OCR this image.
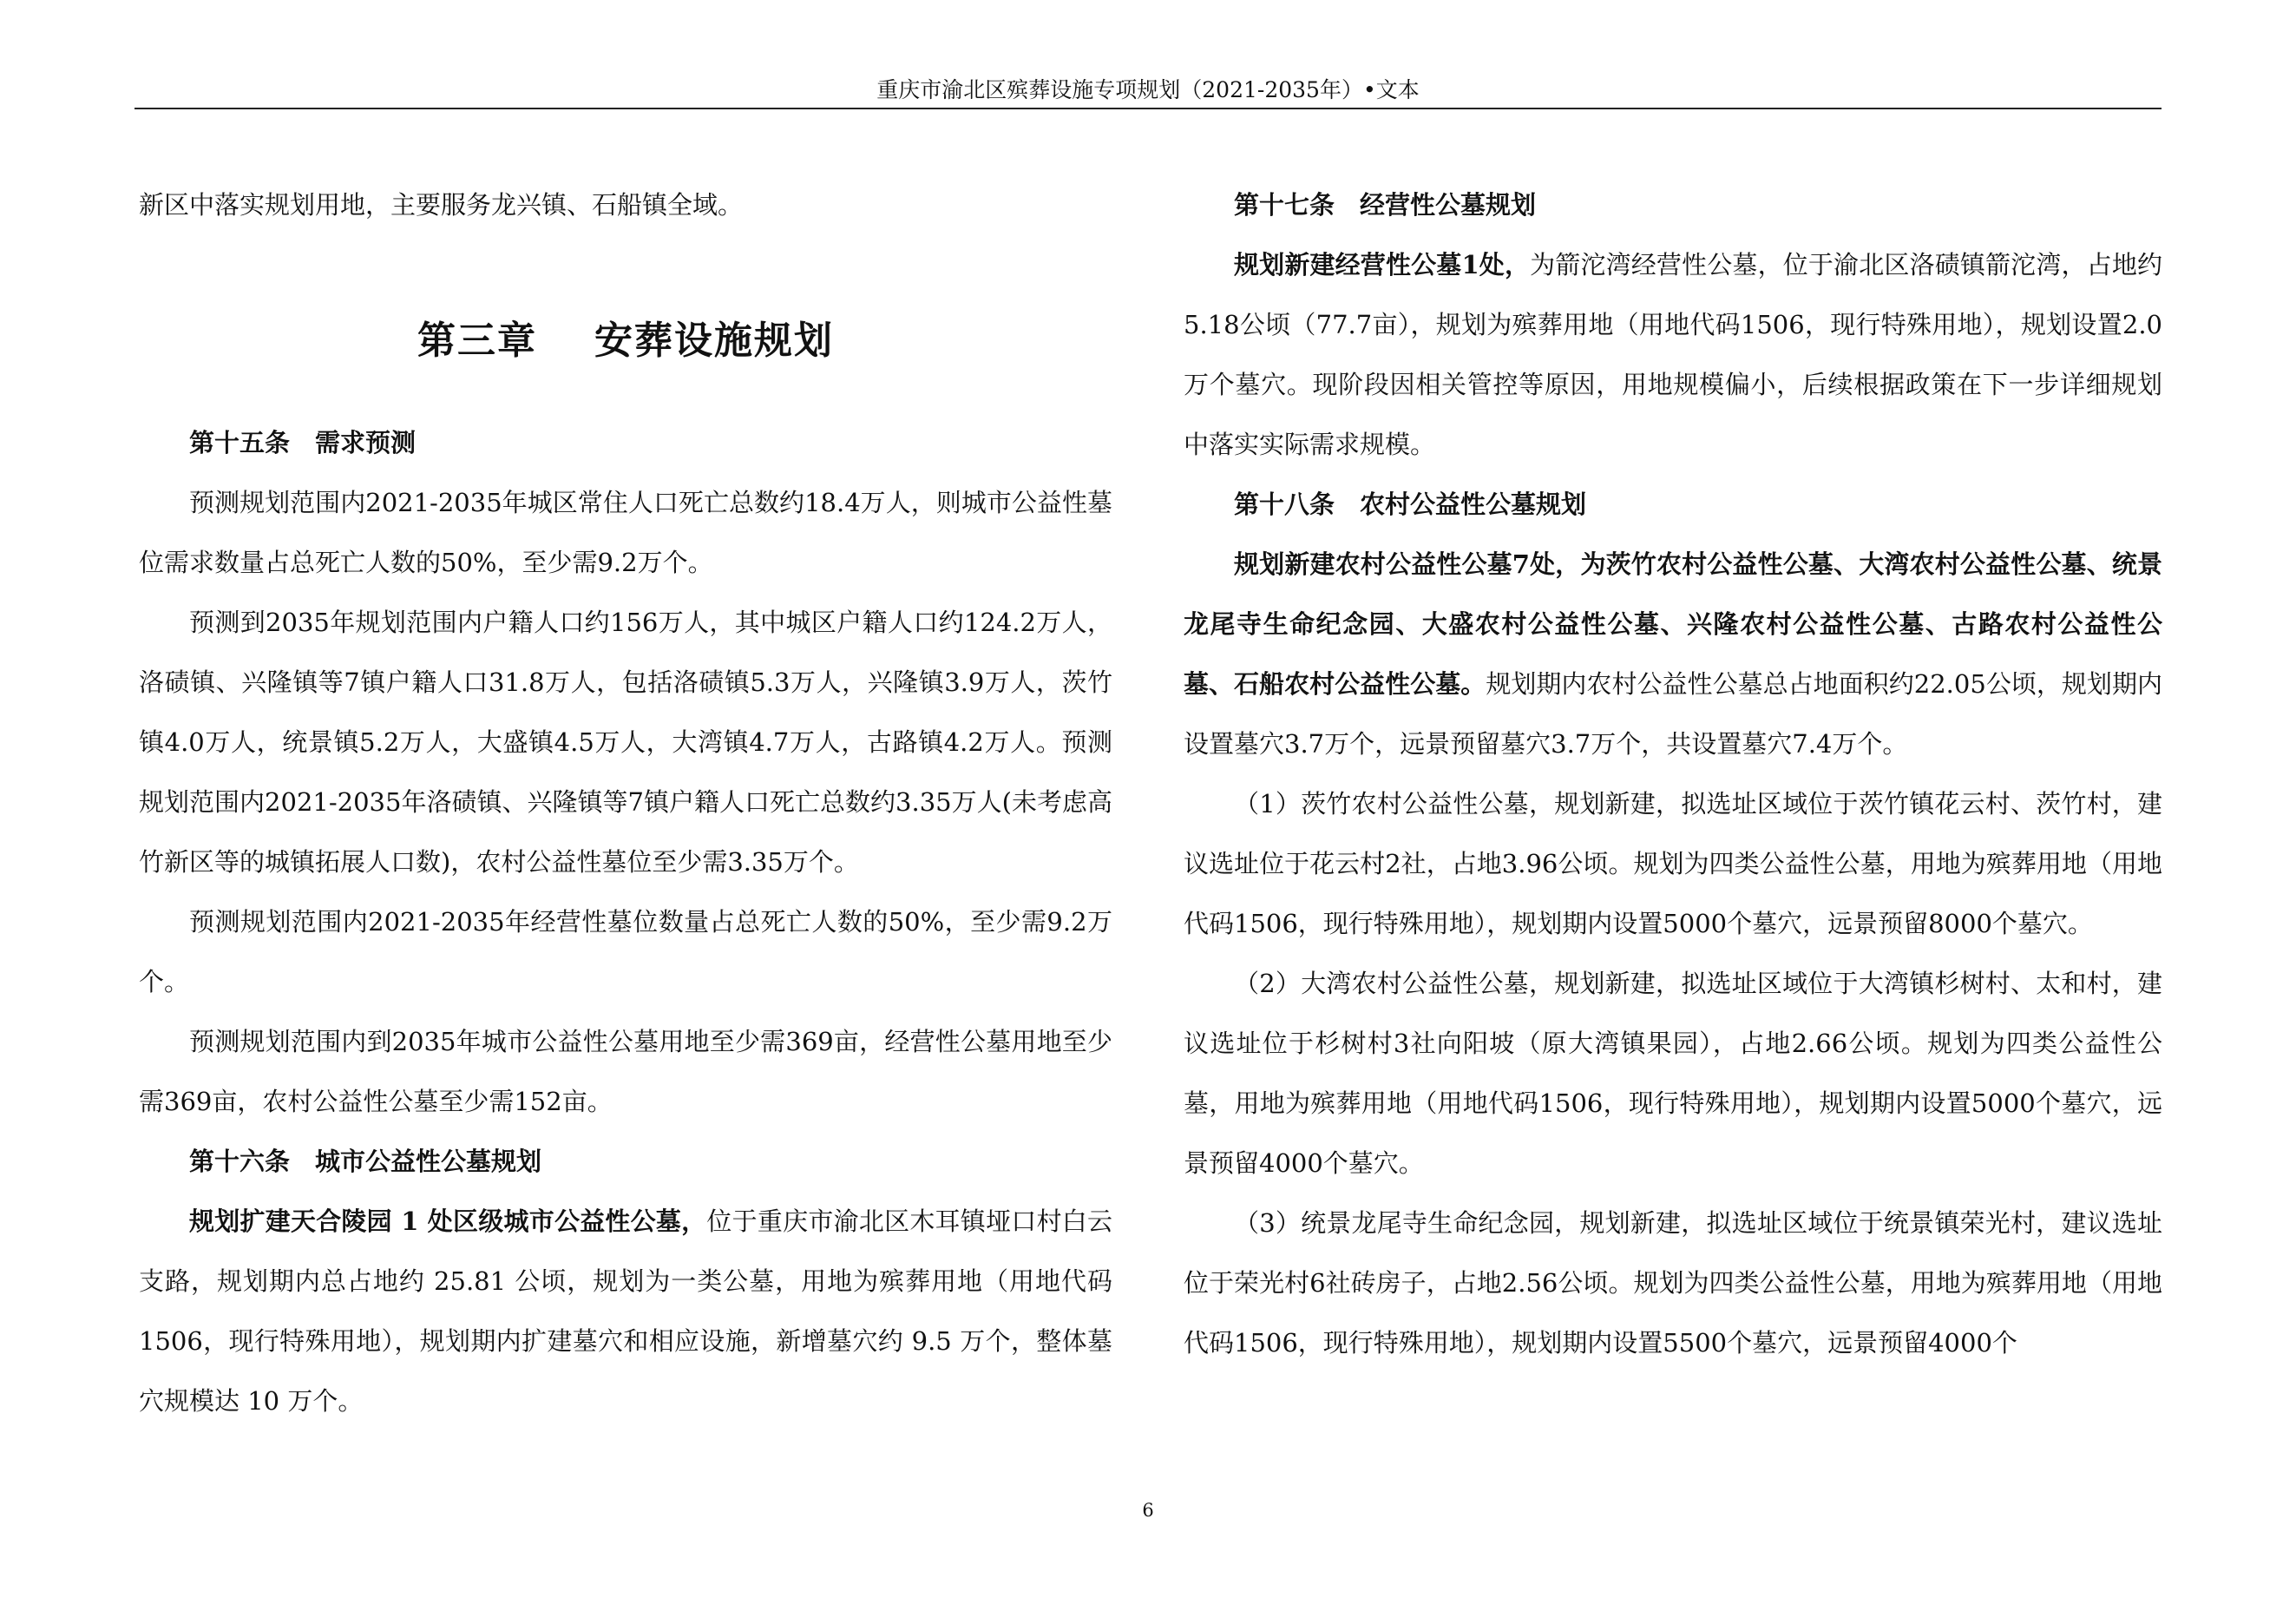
重庆市渝北区殡葬设施专项规划（2021-2035年）•文本

新区中落实规划用地，主要服务龙兴镇、石船镇全域。

第三章 安葬设施规划

第十五条　需求预测

预测规划范围内2021-2035年城区常住人口死亡总数约18.4万人，则城市公益性墓位需求数量占总死亡人数的50%，至少需9.2万个。

预测到2035年规划范围内户籍人口约156万人，其中城区户籍人口约124.2万人，洛碛镇、兴隆镇等7镇户籍人口31.8万人，包括洛碛镇5.3万人，兴隆镇3.9万人，茨竹镇4.0万人，统景镇5.2万人，大盛镇4.5万人，大湾镇4.7万人，古路镇4.2万人。预测规划范围内2021-2035年洛碛镇、兴隆镇等7镇户籍人口死亡总数约3.35万人(未考虑高竹新区等的城镇拓展人口数)，农村公益性墓位至少需3.35万个。

预测规划范围内2021-2035年经营性墓位数量占总死亡人数的50%，至少需9.2万个。

预测规划范围内到2035年城市公益性公墓用地至少需369亩，经营性公墓用地至少需369亩，农村公益性公墓至少需152亩。

第十六条　城市公益性公墓规划

规划扩建天合陵园 1 处区级城市公益性公墓，位于重庆市渝北区木耳镇垭口村白云支路，规划期内总占地约 25.81 公顷，规划为一类公墓，用地为殡葬用地（用地代码 1506，现行特殊用地），规划期内扩建墓穴和相应设施，新增墓穴约 9.5 万个，整体墓穴规模达 10 万个。

第十七条　经营性公墓规划

规划新建经营性公墓1处，为箭沱湾经营性公墓，位于渝北区洛碛镇箭沱湾，占地约5.18公顷（77.7亩），规划为殡葬用地（用地代码1506，现行特殊用地），规划设置2.0万个墓穴。现阶段因相关管控等原因，用地规模偏小，后续根据政策在下一步详细规划中落实实际需求规模。

第十八条　农村公益性公墓规划

规划新建农村公益性公墓7处，为茨竹农村公益性公墓、大湾农村公益性公墓、统景龙尾寺生命纪念园、大盛农村公益性公墓、兴隆农村公益性公墓、古路农村公益性公墓、石船农村公益性公墓。规划期内农村公益性公墓总占地面积约22.05公顷，规划期内设置墓穴3.7万个，远景预留墓穴3.7万个，共设置墓穴7.4万个。

（1）茨竹农村公益性公墓，规划新建，拟选址区域位于茨竹镇花云村、茨竹村，建议选址位于花云村2社，占地3.96公顷。规划为四类公益性公墓，用地为殡葬用地（用地代码1506，现行特殊用地），规划期内设置5000个墓穴，远景预留8000个墓穴。

（2）大湾农村公益性公墓，规划新建，拟选址区域位于大湾镇杉树村、太和村，建议选址位于杉树村3社向阳坡（原大湾镇果园），占地2.66公顷。规划为四类公益性公墓，用地为殡葬用地（用地代码1506，现行特殊用地），规划期内设置5000个墓穴，远景预留4000个墓穴。

（3）统景龙尾寺生命纪念园，规划新建，拟选址区域位于统景镇荣光村，建议选址位于荣光村6社砖房子，占地2.56公顷。规划为四类公益性公墓，用地为殡葬用地（用地代码1506，现行特殊用地），规划期内设置5500个墓穴，远景预留4000个

6
